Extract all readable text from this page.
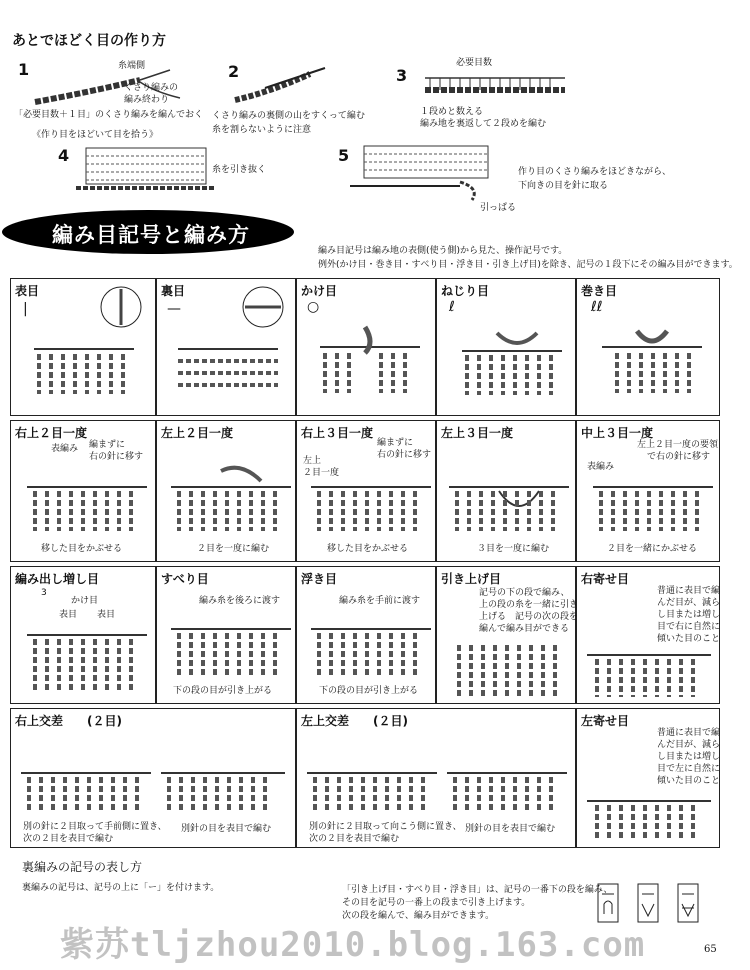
あとでほどく目の作り方
1	糸端側
くさり編みの
編み終わり
「必要目数＋１目」のくさり編みを編んでおく
《作り目をほどいて目を拾う》
2
くさり編みの裏側の山をすくって編む
糸を割らないように注意
3
必要目数
１段めと数える
編み地を裏返して２段めを編む
4
糸を引き抜く
5
作り目のくさり編みをほどきながら、
下向きの目を針に取る
引っぱる
編み目記号と編み方
編み目記号は編み地の表側(使う側)から見た、操作記号です。
例外(かけ目・巻き目・すべり目・浮き目・引き上げ目)を除き、記号の１段下にその編み目ができます。
表目
|
裏目
—
かけ目
○
ねじり目
ℓ
巻き目
ℓℓ
右上２目一度
表編み 編まずに
右の針に移す
移した目をかぶせる
左上２目一度
２目を一度に編む
右上３目一度
左上
２目一度
編まずに
右の針に移す
移した目をかぶせる
左上３目一度
３目を一度に編む
中上３目一度
表編み
左上２目一度の要領
で右の針に移す
２目を一緒にかぶせる
編み出し増し目
3
かけ目
表目 表目
すべり目
編み糸を後ろに渡す
下の段の目が引き上がる
浮き目
編み糸を手前に渡す
下の段の目が引き上がる
引き上げ目
記号の下の段で編み、
上の段の糸を一緒に引き
上げる　記号の次の段を
編んで編み目ができる
右寄せ目
普通に表目で編
んだ目が、減ら
し目または増し
目で右に自然に
傾いた目のこと
右上交差 (２目)
別の針に２目取って手前側に置き、
次の２目を表目で編む
別針の目を表目で編む
左上交差 (２目)
別の針に２目取って向こう側に置き、
次の２目を表目で編む
別針の目を表目で編む
左寄せ目
普通に表目で編
んだ目が、減ら
し目または増し
目で左に自然に
傾いた目のこと
裏編みの記号の表し方
裏編みの記号は、記号の上に「ー」を付けます。	「引き上げ目・すべり目・浮き目」は、記号の一番下の段を編み、
その目を記号の一番上の段まで引き上げます。
次の段を編んで、編み目ができます。
紫苏tljzhou2010.blog.163.com	65
